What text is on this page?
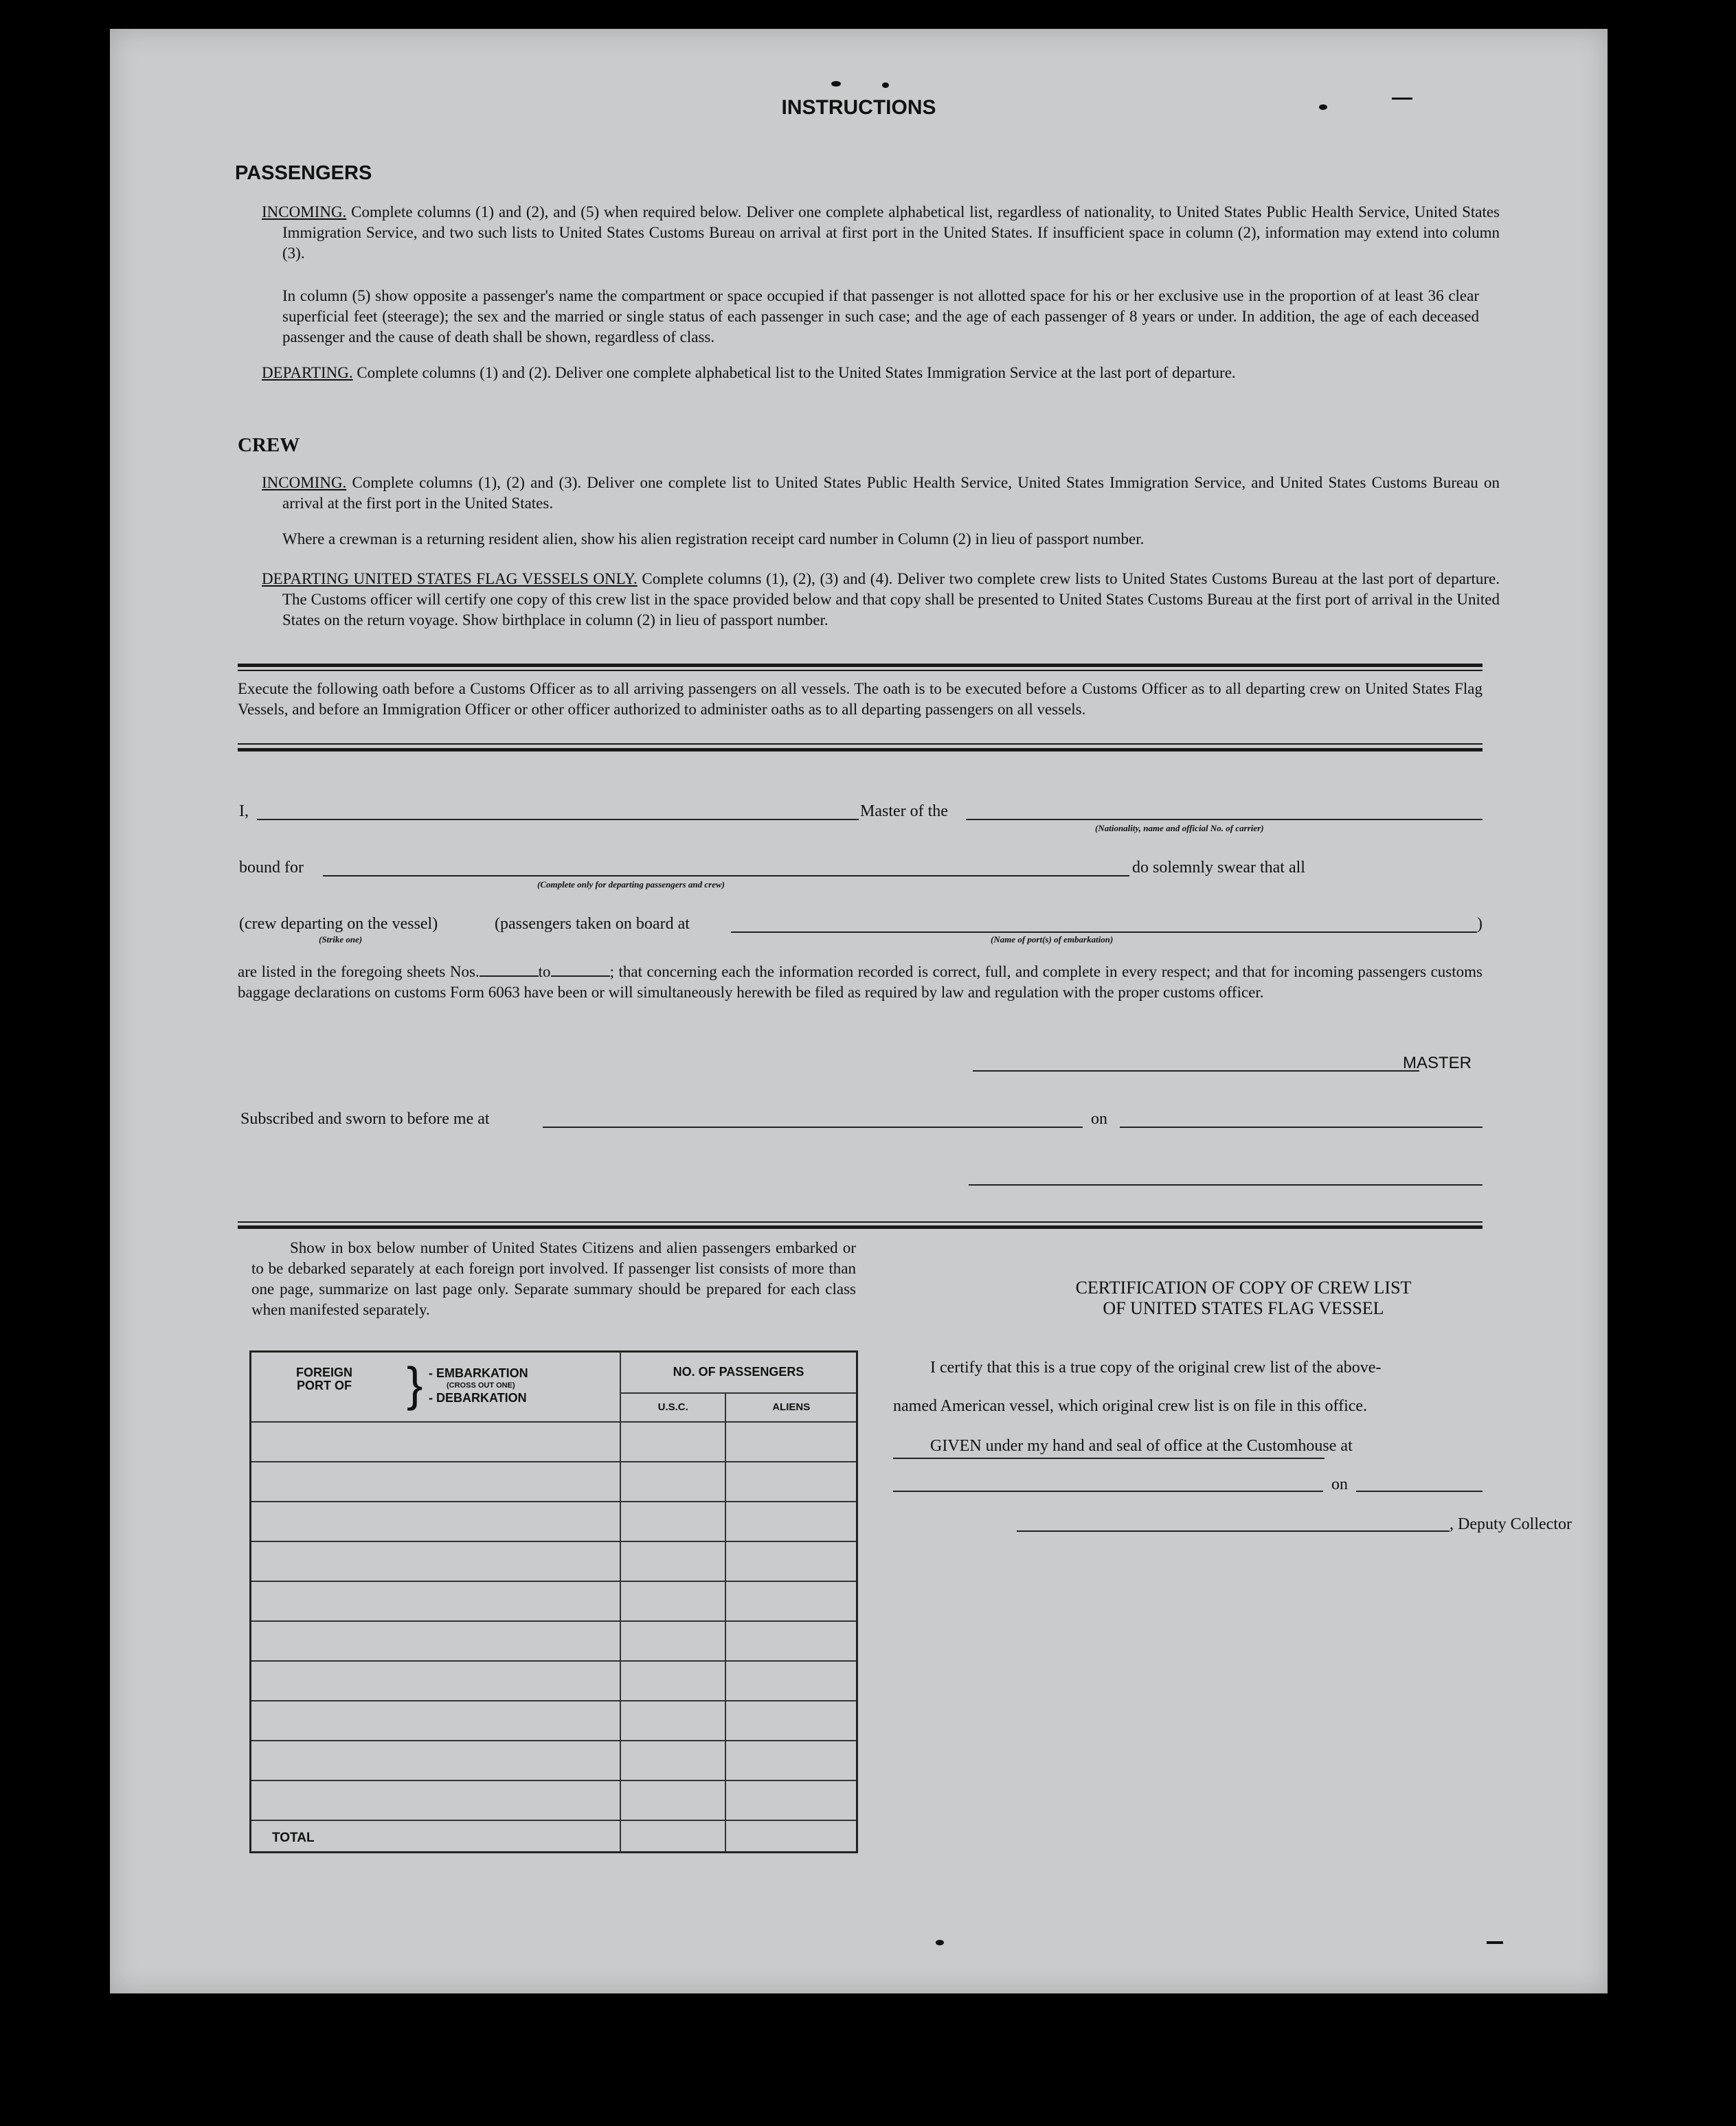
INSTRUCTIONS
PASSENGERS
INCOMING. Complete columns (1) and (2), and (5) when required below. Deliver one complete alphabetical list, regardless of nationality, to United States Public Health Service, United States Immigration Service, and two such lists to United States Customs Bureau on arrival at first port in the United States. If insufficient space in column (2), information may extend into column (3).
In column (5) show opposite a passenger's name the compartment or space occupied if that passenger is not allotted space for his or her exclusive use in the proportion of at least 36 clear superficial feet (steerage); the sex and the married or single status of each passenger in such case; and the age of each passenger of 8 years or under. In addition, the age of each deceased passenger and the cause of death shall be shown, regardless of class.
DEPARTING. Complete columns (1) and (2). Deliver one complete alphabetical list to the United States Immigration Service at the last port of departure.
CREW
INCOMING. Complete columns (1), (2) and (3). Deliver one complete list to United States Public Health Service, United States Immigration Service, and United States Customs Bureau on arrival at the first port in the United States.
Where a crewman is a returning resident alien, show his alien registration receipt card number in Column (2) in lieu of passport number.
DEPARTING UNITED STATES FLAG VESSELS ONLY. Complete columns (1), (2), (3) and (4). Deliver two complete crew lists to United States Customs Bureau at the last port of departure. The Customs officer will certify one copy of this crew list in the space provided below and that copy shall be presented to United States Customs Bureau at the first port of arrival in the United States on the return voyage. Show birthplace in column (2) in lieu of passport number.
Execute the following oath before a Customs Officer as to all arriving passengers on all vessels. The oath is to be executed before a Customs Officer as to all departing crew on United States Flag Vessels, and before an Immigration Officer or other officer authorized to administer oaths as to all departing passengers on all vessels.
I,	Master of the
(Nationality, name and official No. of carrier)
bound for
(Complete only for departing passengers and crew)
do solemnly swear that all
(crew departing on the vessel)
(Strike one)
(passengers taken on board at
(Name of port(s) of embarkation)
)
are listed in the foregoing sheets Nos.	to	; that concerning each the information recorded is correct, full, and complete in every respect; and that for incoming passengers customs baggage declarations on customs Form 6063 have been or will simultaneously herewith be filed as required by law and regulation with the proper customs officer.
MASTER
Subscribed and sworn to before me at	on
Show in box below number of United States Citizens and alien passengers embarked or to be debarked separately at each foreign port involved. If passenger list consists of more than one page, summarize on last page only. Separate summary should be prepared for each class when manifested separately.
FOREIGN PORT OF } - EMBARKATION
(CROSS OUT ONE)
- DEBARKATION	NO. OF PASSENGERS	
	U.S.C.	ALIENS

TOTAL		
CERTIFICATION OF COPY OF CREW LIST
OF UNITED STATES FLAG VESSEL
I certify that this is a true copy of the original crew list of the above-
named American vessel, which original crew list is on file in this office.
GIVEN under my hand and seal of office at the Customhouse at
on
, Deputy Collector
